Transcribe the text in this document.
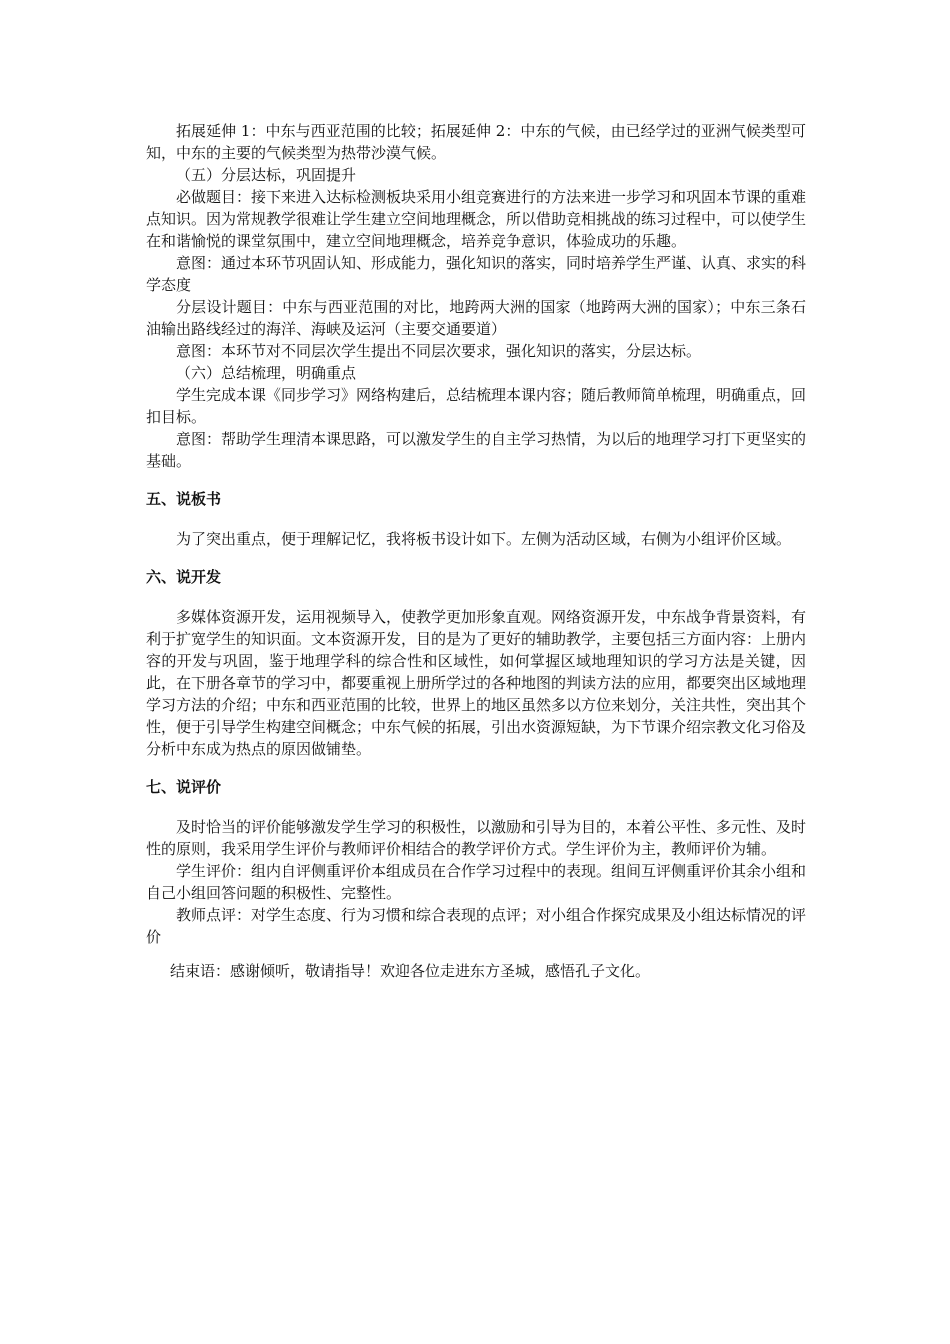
拓展延伸 1：中东与西亚范围的比较；拓展延伸 2：中东的气候，由已经学过的亚洲气候类型可知，中东的主要的气候类型为热带沙漠气候。

（五）分层达标，巩固提升

必做题目：接下来进入达标检测板块采用小组竞赛进行的方法来进一步学习和巩固本节课的重难点知识。因为常规教学很难让学生建立空间地理概念，所以借助竞相挑战的练习过程中，可以使学生在和谐愉悦的课堂氛围中，建立空间地理概念，培养竞争意识，体验成功的乐趣。

意图：通过本环节巩固认知、形成能力，强化知识的落实，同时培养学生严谨、认真、求实的科学态度

分层设计题目：中东与西亚范围的对比，地跨两大洲的国家（地跨两大洲的国家）；中东三条石油输出路线经过的海洋、海峡及运河（主要交通要道）

意图：本环节对不同层次学生提出不同层次要求，强化知识的落实，分层达标。

（六）总结梳理，明确重点

学生完成本课《同步学习》网络构建后，总结梳理本课内容；随后教师简单梳理，明确重点，回扣目标。

意图：帮助学生理清本课思路，可以激发学生的自主学习热情，为以后的地理学习打下更坚实的基础。

五、说板书

为了突出重点，便于理解记忆，我将板书设计如下。左侧为活动区域，右侧为小组评价区域。

六、说开发

多媒体资源开发，运用视频导入，使教学更加形象直观。网络资源开发，中东战争背景资料，有利于扩宽学生的知识面。文本资源开发，目的是为了更好的辅助教学，主要包括三方面内容：上册内容的开发与巩固，鉴于地理学科的综合性和区域性，如何掌握区域地理知识的学习方法是关键，因此，在下册各章节的学习中，都要重视上册所学过的各种地图的判读方法的应用，都要突出区域地理学习方法的介绍；中东和西亚范围的比较，世界上的地区虽然多以方位来划分，关注共性，突出其个性，便于引导学生构建空间概念；中东气候的拓展，引出水资源短缺，为下节课介绍宗教文化习俗及分析中东成为热点的原因做铺垫。

七、说评价

及时恰当的评价能够激发学生学习的积极性，以激励和引导为目的，本着公平性、多元性、及时性的原则，我采用学生评价与教师评价相结合的教学评价方式。学生评价为主，教师评价为辅。

学生评价：组内自评侧重评价本组成员在合作学习过程中的表现。组间互评侧重评价其余小组和自己小组回答问题的积极性、完整性。

教师点评：对学生态度、行为习惯和综合表现的点评；对小组合作探究成果及小组达标情况的评价

结束语：感谢倾听，敬请指导！欢迎各位走进东方圣城，感悟孔子文化。
